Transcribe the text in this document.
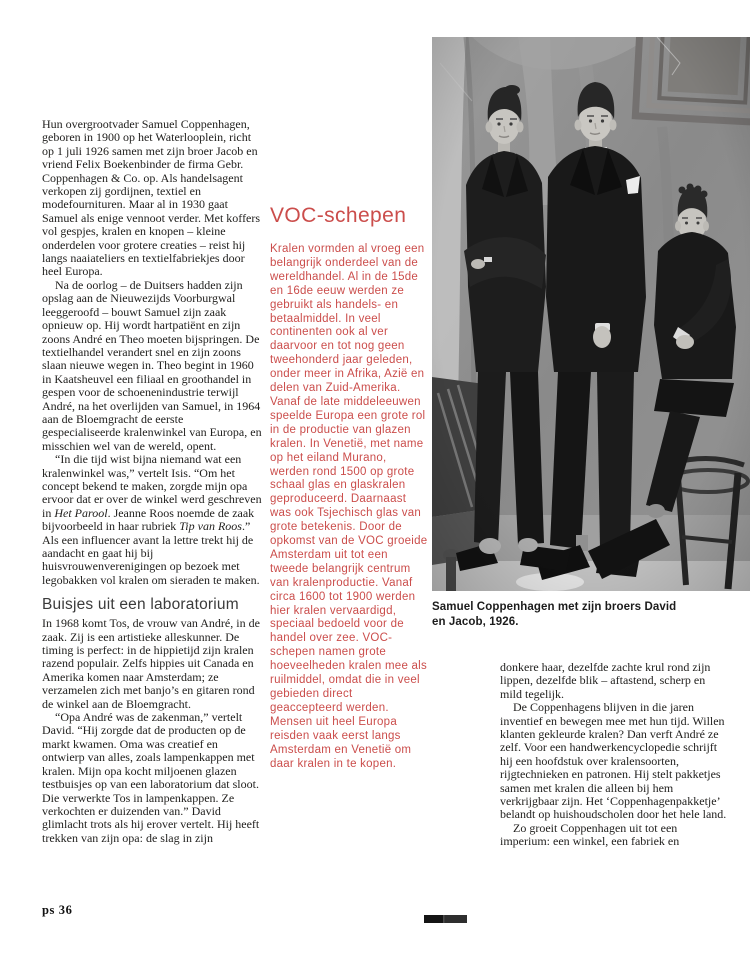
Hun overgrootvader Samuel Coppenhagen, geboren in 1900 op het Waterlooplein, richt op 1 juli 1926 samen met zijn broer Jacob en vriend Felix Boekenbinder de firma Gebr. Coppenhagen & Co. op. Als handelsagent verkopen zij gordijnen, textiel en modefournituren. Maar al in 1930 gaat Samuel als enige vennoot verder. Met koffers vol gespjes, kralen en knopen – kleine onderdelen voor grotere creaties – reist hij langs naaiateliers en textielfabriekjes door heel Europa.

Na de oorlog – de Duitsers hadden zijn opslag aan de Nieuwezijds Voorburgwal leeggeroofd – bouwt Samuel zijn zaak opnieuw op. Hij wordt hartpatiënt en zijn zoons André en Theo moeten bijspringen. De textielhandel verandert snel en zijn zoons slaan nieuwe wegen in. Theo begint in 1960 in Kaatsheuvel een filiaal en groothandel in gespen voor de schoenenindustrie terwijl André, na het overlijden van Samuel, in 1964 aan de Bloemgracht de eerste gespecialiseerde kralenwinkel van Europa, en misschien wel van de wereld, opent.

“In die tijd wist bijna niemand wat een kralenwinkel was,” vertelt Isis. “Om het concept bekend te maken, zorgde mijn opa ervoor dat er over de winkel werd geschreven in Het Parool. Jeanne Roos noemde de zaak bijvoorbeeld in haar rubriek Tip van Roos.” Als een influencer avant la lettre trekt hij de aandacht en gaat hij bij huisvrouwenverenigingen op bezoek met legobakken vol kralen om sieraden te maken.

Buisjes uit een laboratorium

In 1968 komt Tos, de vrouw van André, in de zaak. Zij is een artistieke alleskunner. De timing is perfect: in de hippietijd zijn kralen razend populair. Zelfs hippies uit Canada en Amerika komen naar Amsterdam; ze verzamelen zich met banjo’s en gitaren rond de winkel aan de Bloemgracht.

“Opa André was de zakenman,” vertelt David. “Hij zorgde dat de producten op de markt kwamen. Oma was creatief en ontwierp van alles, zoals lampenkappen met kralen. Mijn opa kocht miljoenen glazen testbuisjes op van een laboratorium dat sloot. Die verwerkte Tos in lampenkappen. Ze verkochten er duizenden van.” David glimlacht trots als hij erover vertelt. Hij heeft trekken van zijn opa: de slag in zijn

VOC-schepen

Kralen vormden al vroeg een belangrijk onderdeel van de wereldhandel. Al in de 15de en 16de eeuw werden ze gebruikt als handels- en betaalmiddel. In veel continenten ook al ver daarvoor en tot nog geen tweehonderd jaar geleden, onder meer in Afrika, Azië en delen van Zuid-Amerika.

Vanaf de late middeleeuwen speelde Europa een grote rol in de productie van glazen kralen. In Venetië, met name op het eiland Murano, werden rond 1500 op grote schaal glas en glaskralen geproduceerd. Daarnaast was ook Tsjechisch glas van grote betekenis. Door de opkomst van de VOC groeide Amsterdam uit tot een tweede belangrijk centrum van kralenproductie. Vanaf circa 1600 tot 1900 werden hier kralen vervaardigd, speciaal bedoeld voor de handel over zee. VOC-schepen namen grote hoeveelheden kralen mee als ruilmiddel, omdat die in veel gebieden direct geaccepteerd werden. Mensen uit heel Europa reisden vaak eerst langs Amsterdam en Venetië om daar kralen in te kopen.

Samuel Coppenhagen met zijn broers David en Jacob, 1926.

donkere haar, dezelfde zachte krul rond zijn lippen, dezelfde blik – aftastend, scherp en mild tegelijk.

De Coppenhagens blijven in die jaren inventief en bewegen mee met hun tijd. Willen klanten gekleurde kralen? Dan verft André ze zelf. Voor een handwerkencyclopedie schrijft hij een hoofdstuk over kralensoorten, rijgtechnieken en patronen. Hij stelt pakketjes samen met kralen die alleen bij hem verkrijgbaar zijn. Het ‘Coppenhagenpakketje’ belandt op huishoudscholen door het hele land.

Zo groeit Coppenhagen uit tot een imperium: een winkel, een fabriek en

ps 36
